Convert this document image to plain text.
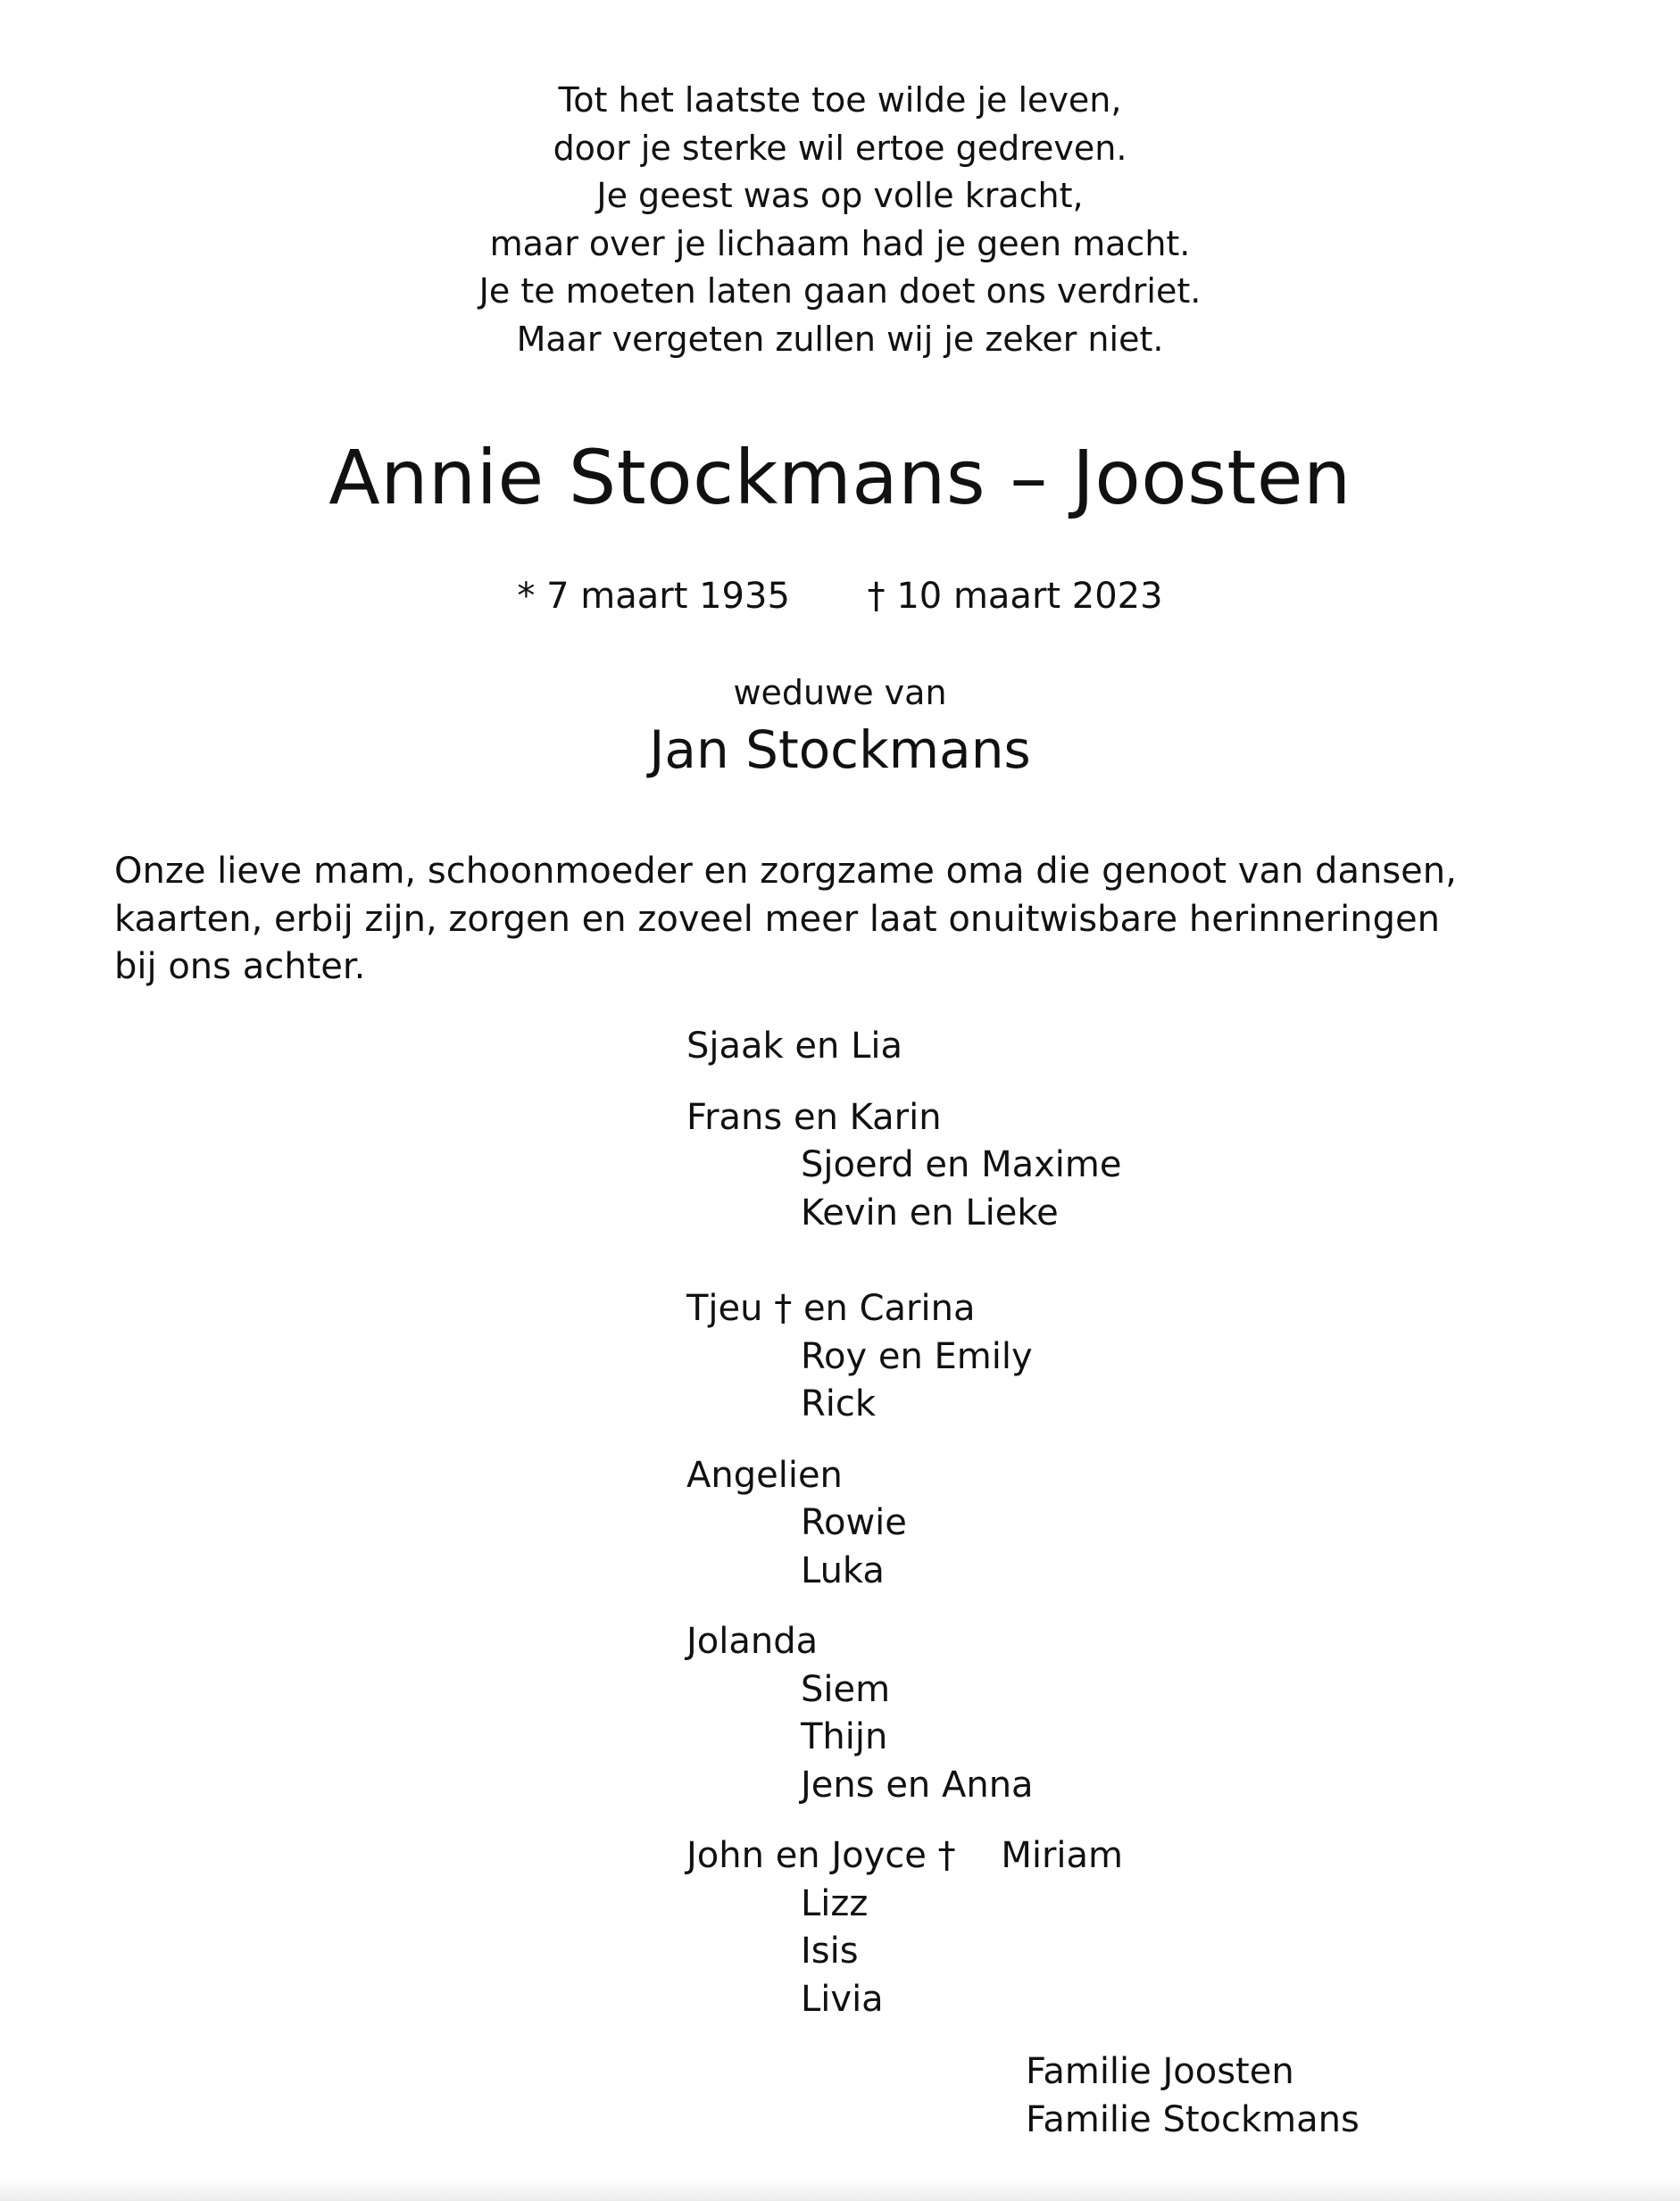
Tot het laatste toe wilde je leven,
door je sterke wil ertoe gedreven.
Je geest was op volle kracht,
maar over je lichaam had je geen macht.
Je te moeten laten gaan doet ons verdriet.
Maar vergeten zullen wij je zeker niet.
Annie Stockmans – Joosten
* 7 maart 1935 † 10 maart 2023
weduwe van
Jan Stockmans
Onze lieve mam, schoonmoeder en zorgzame oma die genoot van dansen,
kaarten, erbij zijn, zorgen en zoveel meer laat onuitwisbare herinneringen
bij ons achter.
Sjaak en Lia
Frans en Karin
Sjoerd en Maxime
Kevin en Lieke
Tjeu † en Carina
Roy en Emily
Rick
Angelien
Rowie
Luka
Jolanda
Siem
Thijn
Jens en Anna
John en Joyce † Miriam
Lizz
Isis
Livia
Familie Joosten
Familie Stockmans
